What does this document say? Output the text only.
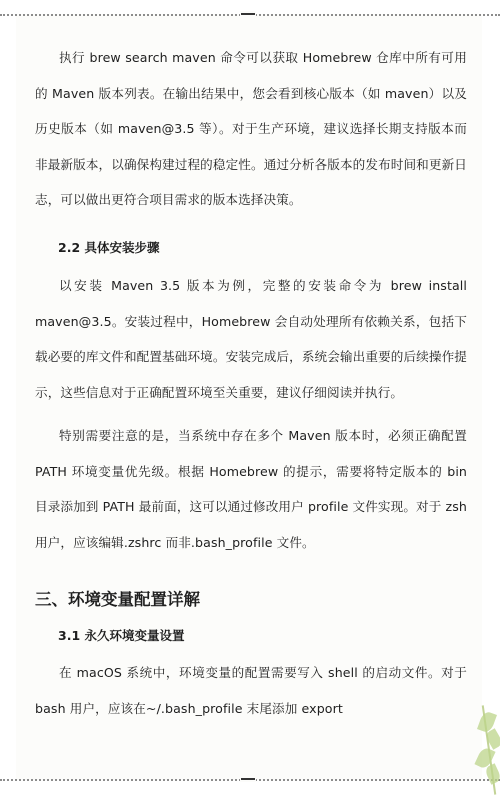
执行 brew search maven 命令可以获取 Homebrew 仓库中所有可用的 Maven 版本列表。在输出结果中，您会看到核心版本（如 maven）以及历史版本（如 maven@3.5 等）。对于生产环境，建议选择长期支持版本而非最新版本，以确保构建过程的稳定性。通过分析各版本的发布时间和更新日志，可以做出更符合项目需求的版本选择决策。

2.2 具体安装步骤

以安装 Maven 3.5 版本为例，完整的安装命令为 brew install maven@3.5。安装过程中，Homebrew 会自动处理所有依赖关系，包括下载必要的库文件和配置基础环境。安装完成后，系统会输出重要的后续操作提示，这些信息对于正确配置环境至关重要，建议仔细阅读并执行。

特别需要注意的是，当系统中存在多个 Maven 版本时，必须正确配置 PATH 环境变量优先级。根据 Homebrew 的提示，需要将特定版本的 bin 目录添加到 PATH 最前面，这可以通过修改用户 profile 文件实现。对于 zsh 用户，应该编辑.zshrc 而非.bash_profile 文件。

三、环境变量配置详解

3.1 永久环境变量设置

在 macOS 系统中，环境变量的配置需要写入 shell 的启动文件。对于 bash 用户，应该在~/.bash_profile 末尾添加 export
